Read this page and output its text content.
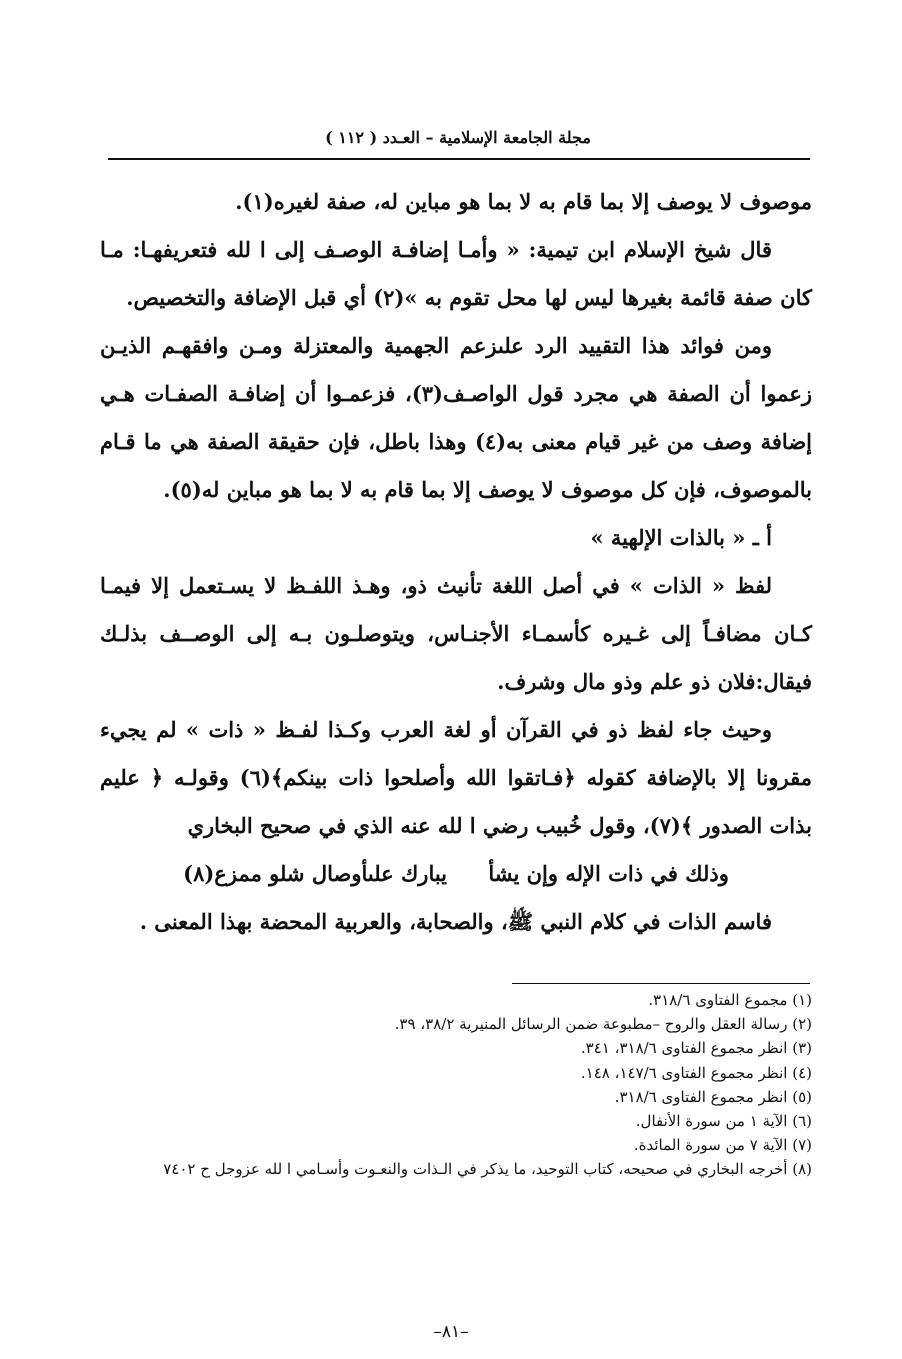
مجلة الجامعة الإسلامية – العـدد ( ١١٢ )

موصوف لا يوصف إلا بما قام به لا بما هو مباين له، صفة لغيره(١).

قال شيخ الإسلام ابن تيمية: « وأمـا إضافـة الوصـف إلى ا لله فتعريفهـا: مـا كان صفة قائمة بغيرها ليس لها محل تقوم به »(٢) أي قبل الإضافة والتخصيص.

ومن فوائد هذا التقييد الرد علىزعم الجهمية والمعتزلة ومـن وافقهـم الذيـن زعموا أن الصفة هي مجرد قول الواصـف(٣)، فزعمـوا أن إضافـة الصفـات هـي إضافة وصف من غير قيام معنى به(٤) وهذا باطل، فإن حقيقة الصفة هي ما قـام بالموصوف، فإن كل موصوف لا يوصف إلا بما قام به لا بما هو مباين له(٥).

أ ـ « بالذات الإلهية »

لفظ « الذات » في أصل اللغة تأنيث ذو، وهـذ اللفـظ لا يسـتعمل إلا فيمـا كـان مضافـاً إلى غـيره كأسمـاء الأجنـاس، ويتوصلـون بـه إلى الوصــف بذلـك فيقال:فلان ذو علم وذو مال وشرف.

وحيث جاء لفظ ذو في القرآن أو لغة العرب وكـذا لفـظ « ذات » لم يجيء مقرونا إلا بالإضافة كقوله ﴿فـاتقوا الله وأصلحوا ذات بينكم﴾(٦) وقولـه ﴿ عليم بذات الصدور ﴾(٧)، وقول خُبيب رضي ا لله عنه الذي في صحيح البخاري

وذلك في ذات الإله وإن يشأ يبارك علىأوصال شلو ممزع(٨)

فاسم الذات في كلام النبي ﷺ، والصحابة، والعربية المحضة بهذا المعنى .

(١) مجموع الفتاوى ٣١٨/٦.
(٢) رسالة العقل والروح –مطبوعة ضمن الرسائل المنيرية ٣٨/٢، ٣٩.
(٣) انظر مجموع الفتاوى ٣١٨/٦، ٣٤١.
(٤) انظر مجموع الفتاوى ١٤٧/٦، ١٤٨.
(٥) انظر مجموع الفتاوى ٣١٨/٦.
(٦) الآية ١ من سورة الأنفال.
(٧) الآية ٧ من سورة المائدة.
(٨) أخرجه البخاري في صحيحه، كتاب التوحيد، ما يذكر في الـذات والنعـوت وأسـامي ا لله عزوجل ح ٧٤٠٢
–٨١–
